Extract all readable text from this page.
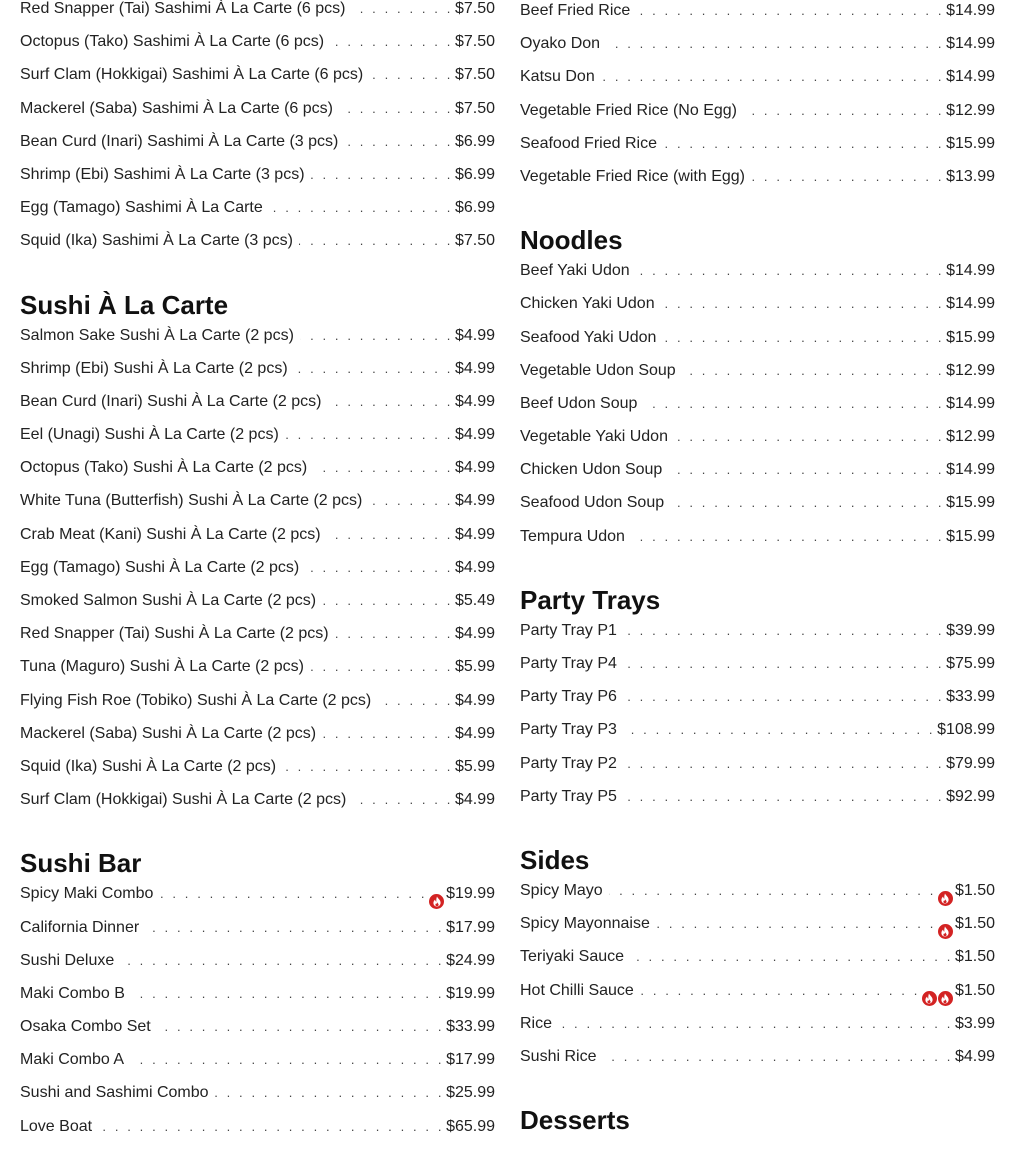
Red Snapper (Tai) Sashimi À La Carte (6 pcs) . . .	$7.50
Octopus (Tako) Sashimi À La Carte (6 pcs) . . .	$7.50
Surf Clam (Hokkigai) Sashimi À La Carte (6 pcs) . . .	$7.50
Mackerel (Saba) Sashimi À La Carte (6 pcs) . . .	$7.50
Bean Curd (Inari) Sashimi À La Carte (3 pcs) . . .	$6.99
Shrimp (Ebi) Sashimi À La Carte (3 pcs) . . .	$6.99
Egg (Tamago) Sashimi À La Carte . . .	$6.99
Squid (Ika) Sashimi À La Carte (3 pcs) . . .	$7.50
Sushi À La Carte
Salmon Sake Sushi À La Carte (2 pcs) . . .	$4.99
Shrimp (Ebi) Sushi À La Carte (2 pcs) . . .	$4.99
Bean Curd (Inari) Sushi À La Carte (2 pcs) . . .	$4.99
Eel (Unagi) Sushi À La Carte (2 pcs) . . .	$4.99
Octopus (Tako) Sushi À La Carte (2 pcs) . . .	$4.99
White Tuna (Butterfish) Sushi À La Carte (2 pcs) . . .	$4.99
Crab Meat (Kani) Sushi À La Carte (2 pcs) . . .	$4.99
Egg (Tamago) Sushi À La Carte (2 pcs) . . .	$4.99
Smoked Salmon Sushi À La Carte (2 pcs) . . .	$5.49
Red Snapper (Tai) Sushi À La Carte (2 pcs) . . .	$4.99
Tuna (Maguro) Sushi À La Carte (2 pcs) . . .	$5.99
Flying Fish Roe (Tobiko) Sushi À La Carte (2 pcs) . . .	$4.99
Mackerel (Saba) Sushi À La Carte (2 pcs) . . .	$4.99
Squid (Ika) Sushi À La Carte (2 pcs) . . .	$5.99
Surf Clam (Hokkigai) Sushi À La Carte (2 pcs) . . .	$4.99
Sushi Bar
Spicy Maki Combo . . .	$19.99
California Dinner . . .	$17.99
Sushi Deluxe . . .	$24.99
Maki Combo B . . .	$19.99
Osaka Combo Set . . .	$33.99
Maki Combo A . . .	$17.99
Sushi and Sashimi Combo . . .	$25.99
Love Boat . . .	$65.99
Beef Fried Rice . . .	$14.99
Oyako Don . . .	$14.99
Katsu Don . . .	$14.99
Vegetable Fried Rice (No Egg) . . .	$12.99
Seafood Fried Rice . . .	$15.99
Vegetable Fried Rice (with Egg) . . .	$13.99
Noodles
Beef Yaki Udon . . .	$14.99
Chicken Yaki Udon . . .	$14.99
Seafood Yaki Udon . . .	$15.99
Vegetable Udon Soup . . .	$12.99
Beef Udon Soup . . .	$14.99
Vegetable Yaki Udon . . .	$12.99
Chicken Udon Soup . . .	$14.99
Seafood Udon Soup . . .	$15.99
Tempura Udon . . .	$15.99
Party Trays
Party Tray P1 . . .	$39.99
Party Tray P4 . . .	$75.99
Party Tray P6 . . .	$33.99
Party Tray P3 . . .	$108.99
Party Tray P2 . . .	$79.99
Party Tray P5 . . .	$92.99
Sides
Spicy Mayo . . .	$1.50
Spicy Mayonnaise . . .	$1.50
Teriyaki Sauce . . .	$1.50
Hot Chilli Sauce . . .	$1.50
Rice . . .	$3.99
Sushi Rice . . .	$4.99
Desserts
